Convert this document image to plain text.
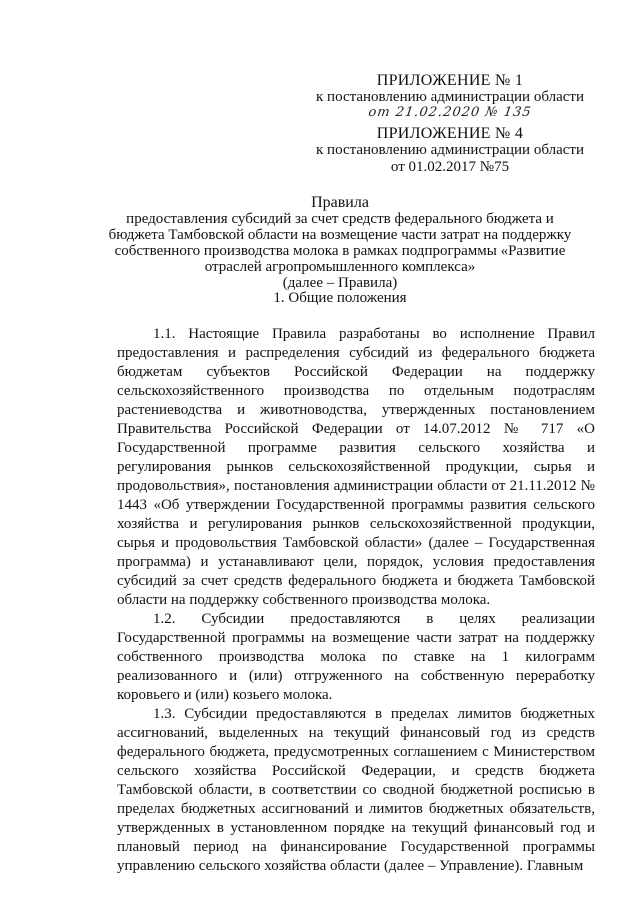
ПРИЛОЖЕНИЕ № 1
к постановлению администрации области
от 21.02.2020 № 135
ПРИЛОЖЕНИЕ № 4
к постановлению администрации области
от 01.02.2017 №75
Правила
предоставления субсидий за счет средств федерального бюджета и
бюджета Тамбовской области на возмещение части затрат на поддержку
собственного производства молока в рамках подпрограммы «Развитие
отраслей агропромышленного комплекса»
(далее – Правила)
1. Общие положения

1.1. Настоящие Правила разработаны во исполнение Правил предоставления и распределения субсидий из федерального бюджета бюджетам субъектов Российской Федерации на поддержку сельскохозяйственного производства по отдельным подотраслям растениеводства и животноводства, утвержденных постановлением Правительства Российской Федерации от 14.07.2012 № 717 «О Государственной программе развития сельского хозяйства и регулирования рынков сельскохозяйственной продукции, сырья и продовольствия», постановления администрации области от 21.11.2012 № 1443 «Об утверждении Государственной программы развития сельского хозяйства и регулирования рынков сельскохозяйственной продукции, сырья и продовольствия Тамбовской области» (далее – Государственная программа) и устанавливают цели, порядок, условия предоставления субсидий за счет средств федерального бюджета и бюджета Тамбовской области на поддержку собственного производства молока.

1.2. Субсидии предоставляются в целях реализации Государственной программы на возмещение части затрат на поддержку собственного производства молока по ставке на 1 килограмм реализованного и (или) отгруженного на собственную переработку коровьего и (или) козьего молока.

1.3. Субсидии предоставляются в пределах лимитов бюджетных ассигнований, выделенных на текущий финансовый год из средств федерального бюджета, предусмотренных соглашением с Министерством сельского хозяйства Российской Федерации, и средств бюджета Тамбовской области, в соответствии со сводной бюджетной росписью в пределах бюджетных ассигнований и лимитов бюджетных обязательств, утвержденных в установленном порядке на текущий финансовый год и плановый период на финансирование Государственной программы управлению сельского хозяйства области (далее – Управление). Главным
